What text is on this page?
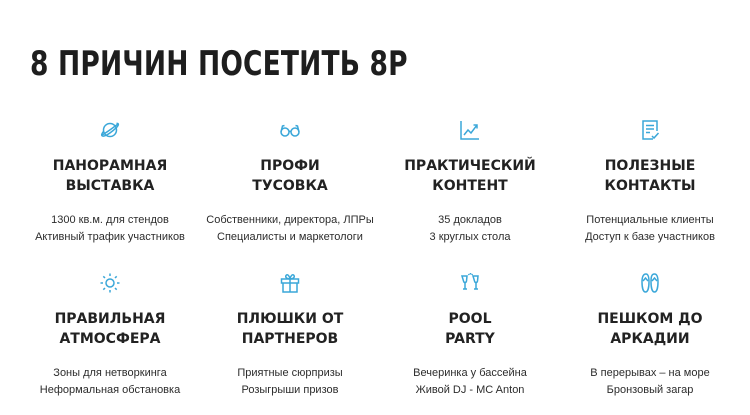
8 ПРИЧИН ПОСЕТИТЬ 8P
ПАНОРАМНАЯ
ВЫСТАВКА
1300 кв.м. для стендов
Активный трафик участников
ПРОФИ
ТУСОВКА
Собственники, директора, ЛПРы
Специалисты и маркетологи
ПРАКТИЧЕСКИЙ
КОНТЕНТ
35 докладов
3 круглых стола
ПОЛЕЗНЫЕ
КОНТАКТЫ
Потенциальные клиенты
Доступ к базе участников
ПРАВИЛЬНАЯ
АТМОСФЕРА
Зоны для нетворкинга
Неформальная обстановка
ПЛЮШКИ ОТ
ПАРТНЕРОВ
Приятные сюрпризы
Розыгрыши призов
POOL
PARTY
Вечеринка у бассейна
Живой DJ - MC Anton
ПЕШКОМ ДО
АРКАДИИ
В перерывах – на море
Бронзовый загар
